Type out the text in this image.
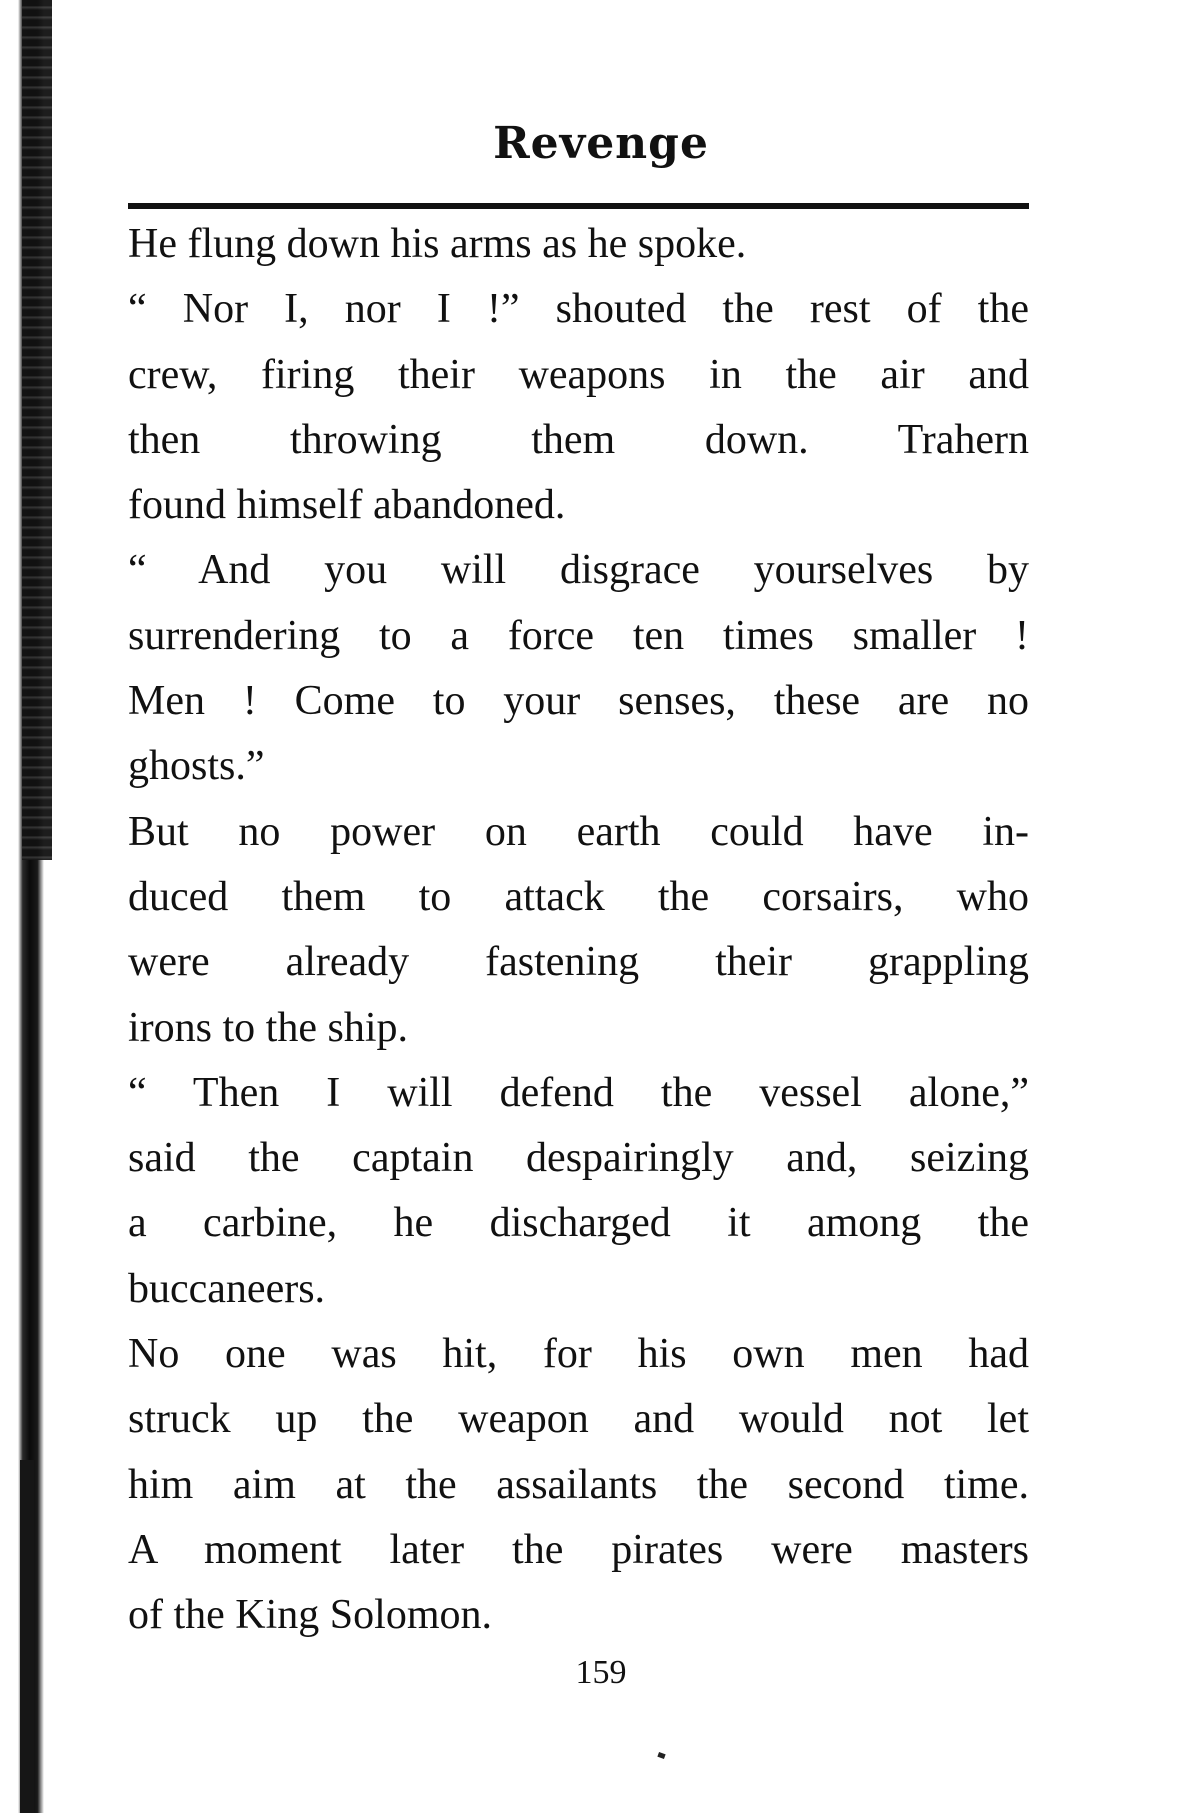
Revenge
He flung down his arms as he spoke.
“ Nor I, nor I !” shouted the rest of the
crew, firing their weapons in the air and
then throwing them down. Trahern
found himself abandoned.
“ And you will disgrace yourselves by
surrendering to a force ten times smaller !
Men ! Come to your senses, these are no
ghosts.”
But no power on earth could have in-
duced them to attack the corsairs, who
were already fastening their grappling
irons to the ship.
“ Then I will defend the vessel alone,”
said the captain despairingly and, seizing
a carbine, he discharged it among the
buccaneers.
No one was hit, for his own men had
struck up the weapon and would not let
him aim at the assailants the second time.
A moment later the pirates were masters
of the King Solomon.
159
